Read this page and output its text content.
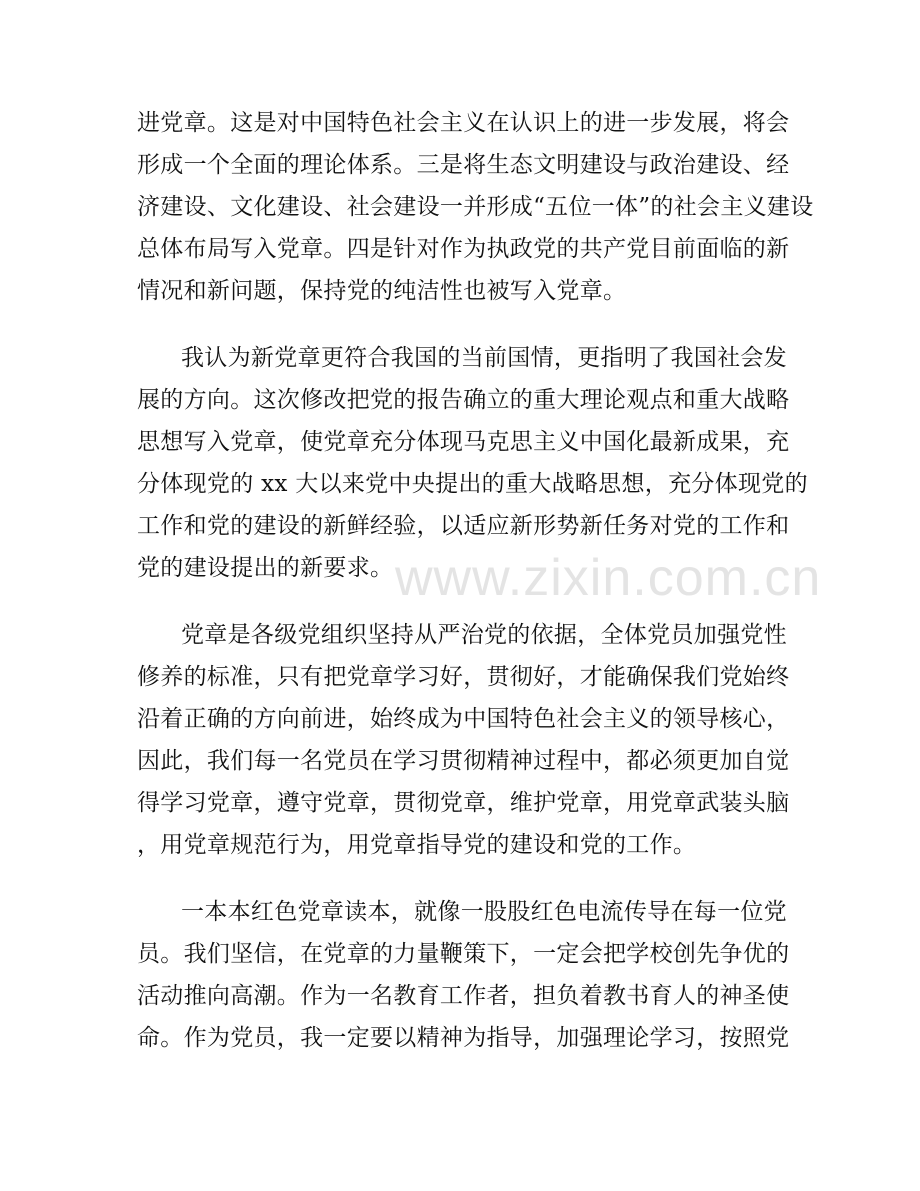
www.zixin.com.cn
进党章。这是对中国特色社会主义在认识上的进一步发展，将会
形成一个全面的理论体系。三是将生态文明建设与政治建设、经
济建设、文化建设、社会建设一并形成“五位一体”的社会主义建设
总体布局写入党章。四是针对作为执政党的共产党目前面临的新
情况和新问题，保持党的纯洁性也被写入党章。
我认为新党章更符合我国的当前国情，更指明了我国社会发
展的方向。这次修改把党的报告确立的重大理论观点和重大战略
思想写入党章，使党章充分体现马克思主义中国化最新成果，充
分体现党的 xx 大以来党中央提出的重大战略思想，充分体现党的
工作和党的建设的新鲜经验，以适应新形势新任务对党的工作和
党的建设提出的新要求。
党章是各级党组织坚持从严治党的依据，全体党员加强党性
修养的标准，只有把党章学习好，贯彻好，才能确保我们党始终
沿着正确的方向前进，始终成为中国特色社会主义的领导核心，
因此，我们每一名党员在学习贯彻精神过程中，都必须更加自觉
得学习党章，遵守党章，贯彻党章，维护党章，用党章武装头脑
，用党章规范行为，用党章指导党的建设和党的工作。
一本本红色党章读本，就像一股股红色电流传导在每一位党
员。我们坚信，在党章的力量鞭策下，一定会把学校创先争优的
活动推向高潮。作为一名教育工作者，担负着教书育人的神圣使
命。作为党员，我一定要以精神为指导，加强理论学习，按照党
